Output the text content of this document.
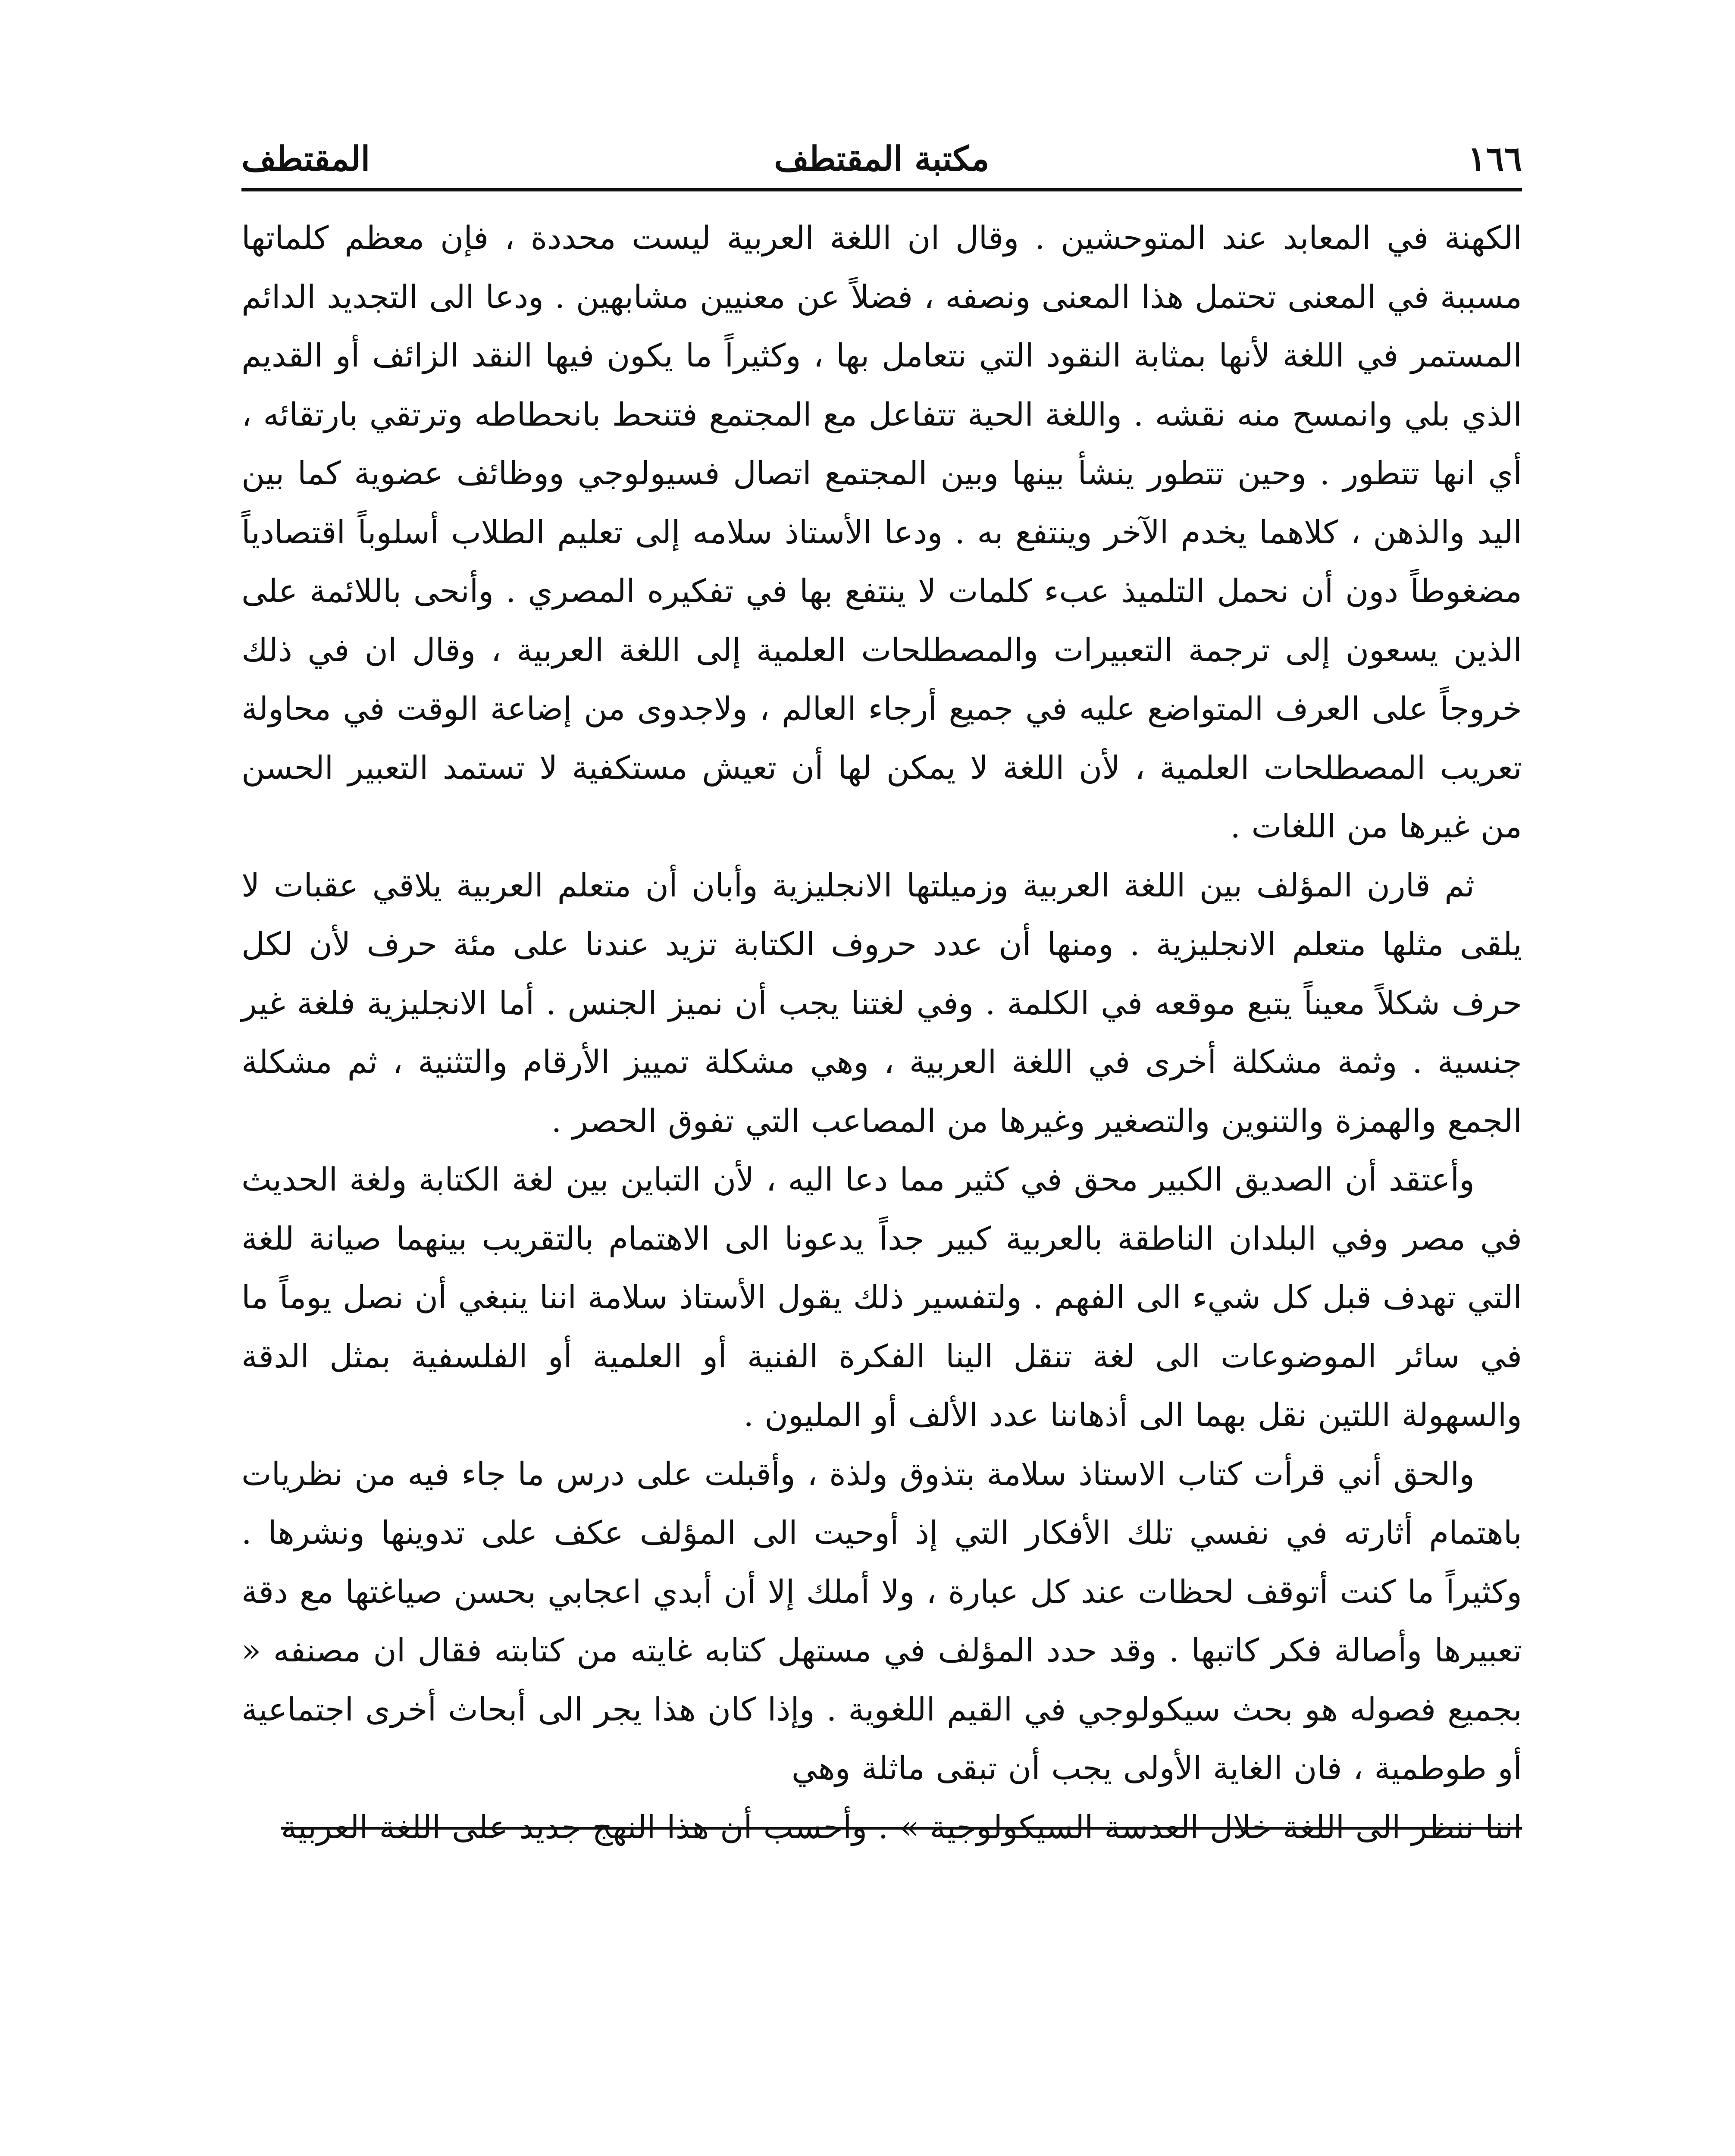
١٦٦
مكتبة المقتطف
المقتطف

الكهنة في المعابد عند المتوحشين . وقال ان اللغة العربية ليست محددة ، فإن معظم كلماتها مسببة في المعنى تحتمل هذا المعنى ونصفه ، فضلاً عن معنيين مشابهين . ودعا الى التجديد الدائم المستمر في اللغة لأنها بمثابة النقود التي نتعامل بها ، وكثيراً ما يكون فيها النقد الزائف أو القديم الذي بلي وانمسح منه نقشه . واللغة الحية تتفاعل مع المجتمع فتنحط بانحطاطه وترتقي بارتقائه ، أي انها تتطور . وحين تتطور ينشأ بينها وبين المجتمع اتصال فسيولوجي ووظائف عضوية كما بين اليد والذهن ، كلاهما يخدم الآخر وينتفع به . ودعا الأستاذ سلامه إلى تعليم الطلاب أسلوباً اقتصادياً مضغوطاً دون أن نحمل التلميذ عبء كلمات لا ينتفع بها في تفكيره المصري . وأنحى باللائمة على الذين يسعون إلى ترجمة التعبيرات والمصطلحات العلمية إلى اللغة العربية ، وقال ان في ذلك خروجاً على العرف المتواضع عليه في جميع أرجاء العالم ، ولاجدوى من إضاعة الوقت في محاولة تعريب المصطلحات العلمية ، لأن اللغة لا يمكن لها أن تعيش مستكفية لا تستمد التعبير الحسن من غيرها من اللغات .

ثم قارن المؤلف بين اللغة العربية وزميلتها الانجليزية وأبان أن متعلم العربية يلاقي عقبات لا يلقى مثلها متعلم الانجليزية . ومنها أن عدد حروف الكتابة تزيد عندنا على مئة حرف لأن لكل حرف شكلاً معيناً يتبع موقعه في الكلمة . وفي لغتنا يجب أن نميز الجنس . أما الانجليزية فلغة غير جنسية . وثمة مشكلة أخرى في اللغة العربية ، وهي مشكلة تمييز الأرقام والتثنية ، ثم مشكلة الجمع والهمزة والتنوين والتصغير وغيرها من المصاعب التي تفوق الحصر .

وأعتقد أن الصديق الكبير محق في كثير مما دعا اليه ، لأن التباين بين لغة الكتابة ولغة الحديث في مصر وفي البلدان الناطقة بالعربية كبير جداً يدعونا الى الاهتمام بالتقريب بينهما صيانة للغة التي تهدف قبل كل شيء الى الفهم . ولتفسير ذلك يقول الأستاذ سلامة اننا ينبغي أن نصل يوماً ما في سائر الموضوعات الى لغة تنقل الينا الفكرة الفنية أو العلمية أو الفلسفية بمثل الدقة والسهولة اللتين نقل بهما الى أذهاننا عدد الألف أو المليون .

والحق أني قرأت كتاب الاستاذ سلامة بتذوق ولذة ، وأقبلت على درس ما جاء فيه من نظريات باهتمام أثارته في نفسي تلك الأفكار التي إذ أوحيت الى المؤلف عكف على تدوينها ونشرها . وكثيراً ما كنت أتوقف لحظات عند كل عبارة ، ولا أملك إلا أن أبدي اعجابي بحسن صياغتها مع دقة تعبيرها وأصالة فكر كاتبها . وقد حدد المؤلف في مستهل كتابه غايته من كتابته فقال ان مصنفه « بجميع فصوله هو بحث سيكولوجي في القيم اللغوية . وإذا كان هذا يجر الى أبحاث أخرى اجتماعية أو طوطمية ، فان الغاية الأولى يجب أن تبقى ماثلة وهي

اننا ننظر الى اللغة خلال العدسة السيكولوجية » . وأحسب أن هذا النهج جديد على اللغة العربية
